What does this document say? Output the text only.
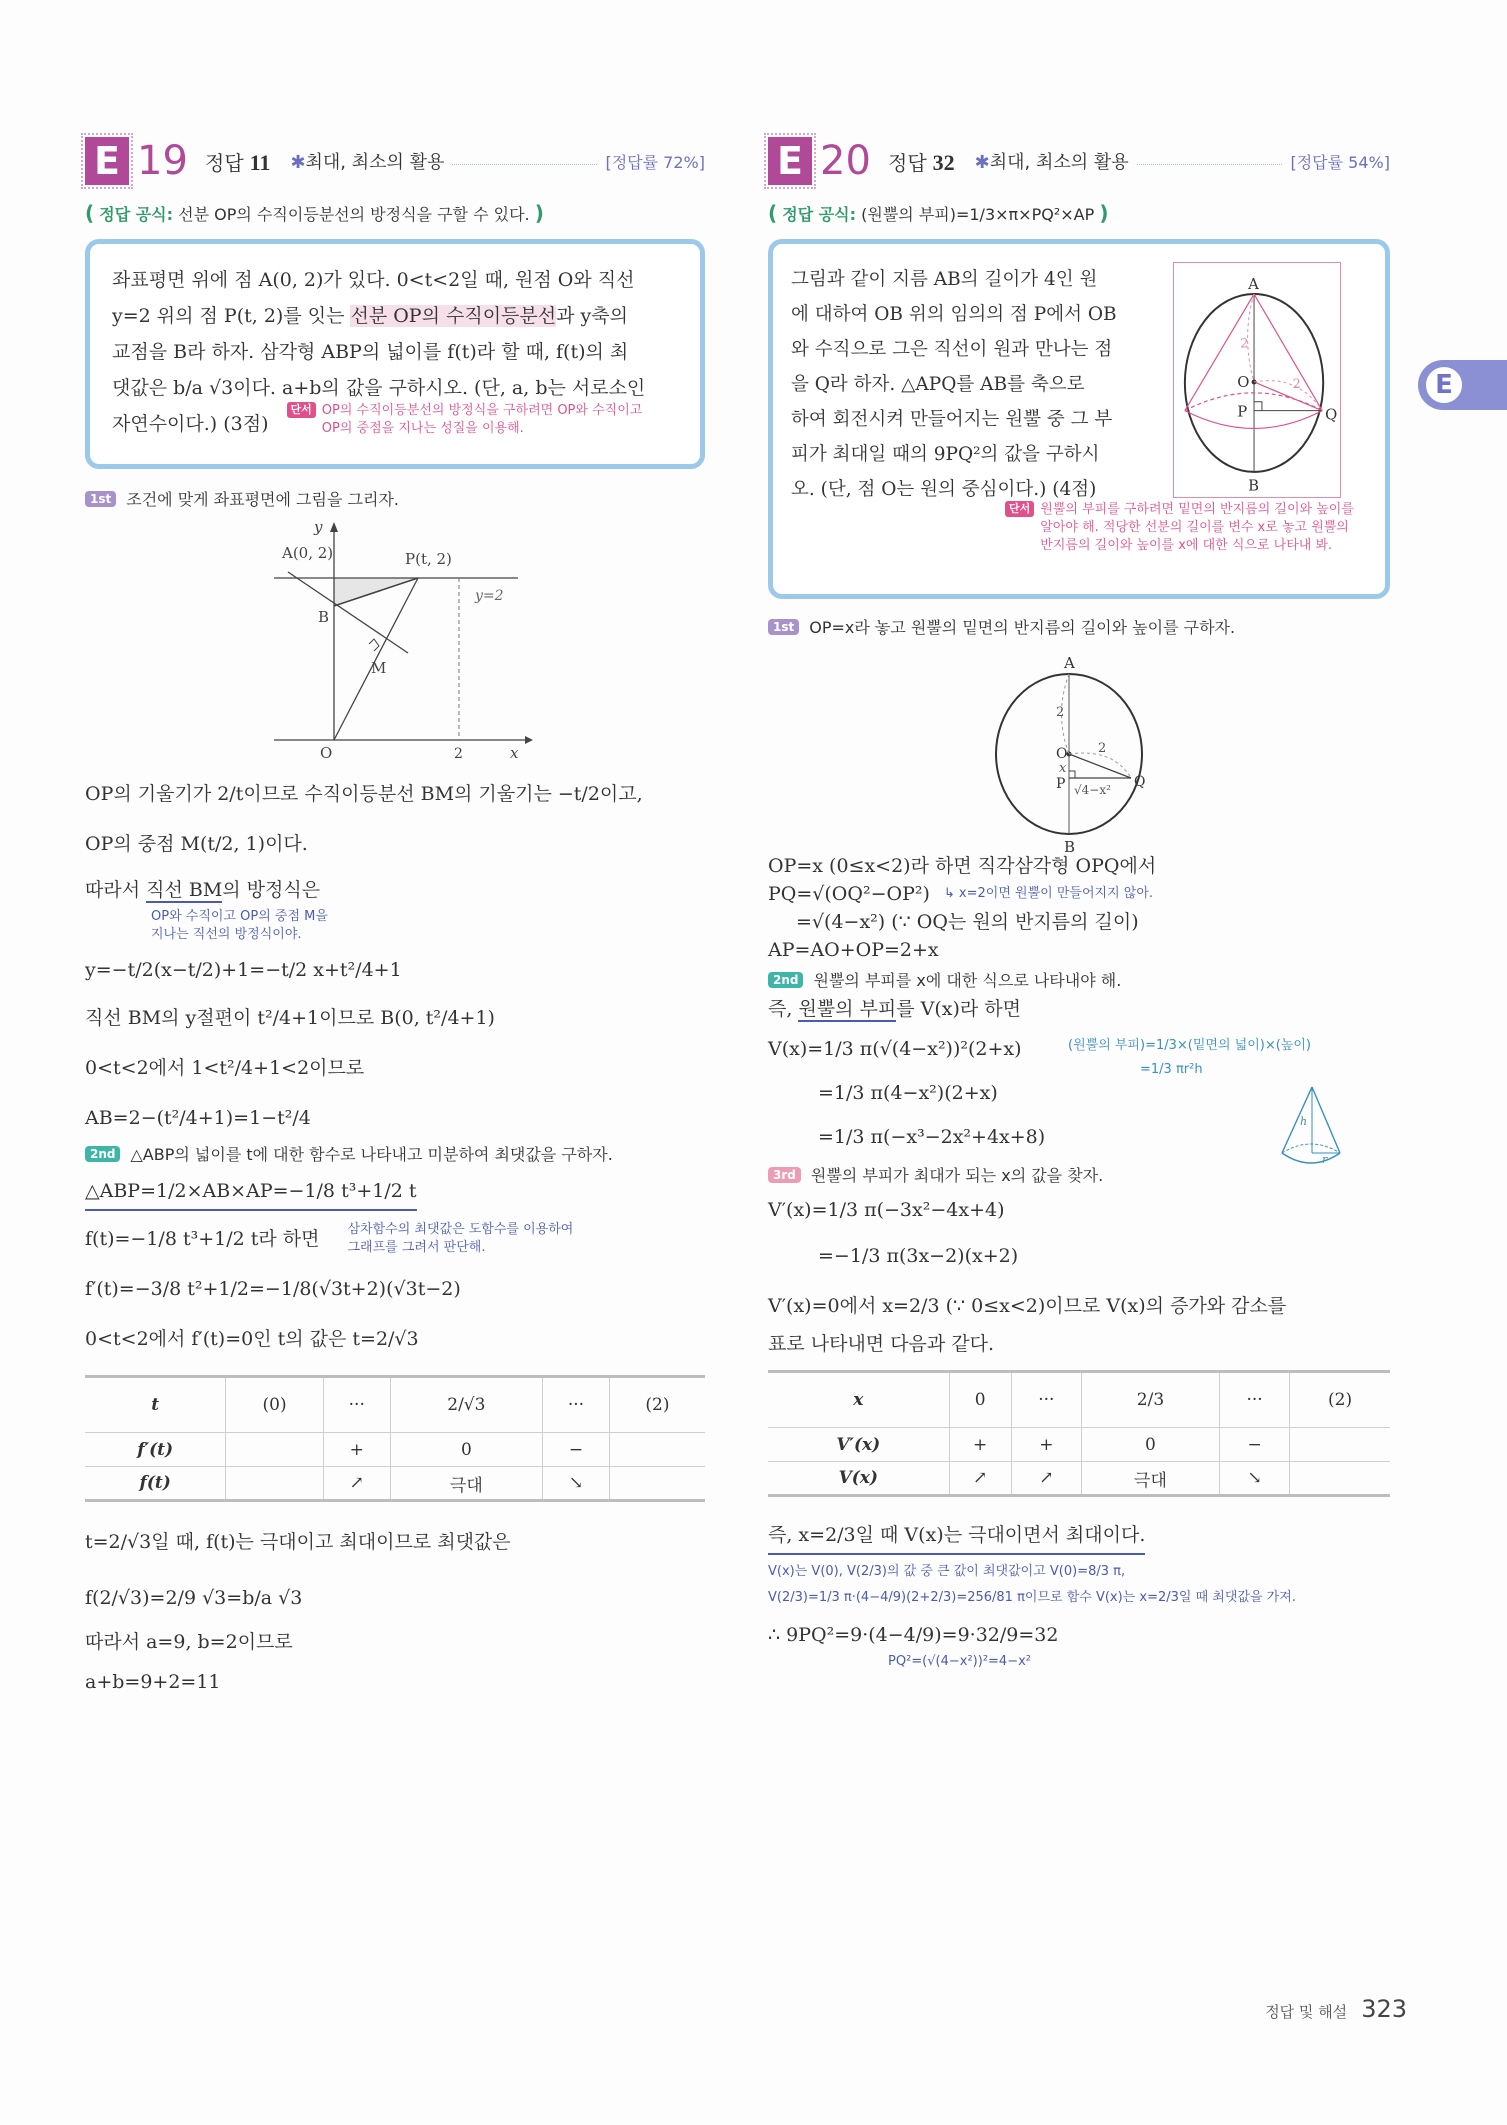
E 19 정답 11 ✱최대, 최소의 활용	[정답률 72%]
( 정답 공식: 선분 OP의 수직이등분선의 방정식을 구할 수 있다. )
좌표평면 위에 점 A(0, 2)가 있다. 0<t<2일 때, 원점 O와 직선
y=2 위의 점 P(t, 2)를 잇는 선분 OP의 수직이등분선과 y축의
교점을 B라 하자. 삼각형 ABP의 넓이를 f(t)라 할 때, f(t)의 최
댓값은 b/a √3이다. a+b의 값을 구하시오. (단, a, b는 서로소인
자연수이다.) (3점)
단서 OP의 수직이등분선의 방정식을 구하려면 OP와 수직이고
OP의 중점을 지나는 성질을 이용해.
1st 조건에 맞게 좌표평면에 그림을 그리자.
y
A(0, 2)	P(t, 2)
B
M
y=2
O	2	x
OP의 기울기가 2/t이므로 수직이등분선 BM의 기울기는 −t/2이고,
OP의 중점 M(t/2, 1)이다.
따라서 직선 BM의 방정식은
OP와 수직이고 OP의 중점 M을
지나는 직선의 방정식이야.
y=−t/2(x−t/2)+1=−t/2 x+t²/4+1
직선 BM의 y절편이 t²/4+1이므로 B(0, t²/4+1)
0<t<2에서 1<t²/4+1<2이므로
AB=2−(t²/4+1)=1−t²/4
2nd △ABP의 넓이를 t에 대한 함수로 나타내고 미분하여 최댓값을 구하자.
△ABP=1/2×AB×AP=−1/8 t³+1/2 t
f(t)=−1/8 t³+1/2 t라 하면 삼차함수의 최댓값은 도함수를 이용하여
그래프를 그려서 판단해.
f′(t)=−3/8 t²+1/2=−1/8(√3t+2)(√3t−2)
0<t<2에서 f′(t)=0인 t의 값은 t=2/√3
t	(0)	···	2/√3	···	(2)
f′(t)		+	0	−	
f(t)		↗	극대	↘	
t=2/√3일 때, f(t)는 극대이고 최대이므로 최댓값은
f(2/√3)=2/9 √3=b/a √3
따라서 a=9, b=2이므로
a+b=9+2=11
E 20 정답 32 ✱최대, 최소의 활용	[정답률 54%]
( 정답 공식: (원뿔의 부피)=1/3×π×PQ²×AP )
그림과 같이 지름 AB의 길이가 4인 원
에 대하여 OB 위의 임의의 점 P에서 OB
와 수직으로 그은 직선이 원과 만나는 점
을 Q라 하자. △APQ를 AB를 축으로
하여 회전시켜 만들어지는 원뿔 중 그 부
피가 최대일 때의 9PQ²의 값을 구하시
오. (단, 점 O는 원의 중심이다.) (4점)
A
B
O
P	Q
2
2
단서 원뿔의 부피를 구하려면 밑면의 반지름의 길이와 높이를
알아야 해. 적당한 선분의 길이를 변수 x로 놓고 원뿔의
반지름의 길이와 높이를 x에 대한 식으로 나타내 봐.
1st OP=x라 놓고 원뿔의 밑면의 반지름의 길이와 높이를 구하자.
A
B
O
P	Q
2
2
x
√4−x²
OP=x (0≤x<2)라 하면 직각삼각형 OPQ에서
PQ=√(OQ²−OP²) ↳ x=2이면 원뿔이 만들어지지 않아.
=√(4−x²) (∵ OQ는 원의 반지름의 길이)
AP=AO+OP=2+x
2nd 원뿔의 부피를 x에 대한 식으로 나타내야 해.
즉, 원뿔의 부피를 V(x)라 하면
V(x)=1/3 π(√(4−x²))²(2+x)
=1/3 π(4−x²)(2+x)
=1/3 π(−x³−2x²+4x+8)
(원뿔의 부피)=1/3×(밑면의 넓이)×(높이)
=1/3 πr²h
h
r
3rd 원뿔의 부피가 최대가 되는 x의 값을 찾자.
V′(x)=1/3 π(−3x²−4x+4)
=−1/3 π(3x−2)(x+2)
V′(x)=0에서 x=2/3 (∵ 0≤x<2)이므로 V(x)의 증가와 감소를
표로 나타내면 다음과 같다.
x	0	···	2/3	···	(2)
V′(x)	+	+	0	−	
V(x)	↗	↗	극대	↘	
즉, x=2/3일 때 V(x)는 극대이면서 최대이다.
V(x)는 V(0), V(2/3)의 값 중 큰 값이 최댓값이고 V(0)=8/3 π,
V(2/3)=1/3 π·(4−4/9)(2+2/3)=256/81 π이므로 함수 V(x)는 x=2/3일 때 최댓값을 가져.
∴ 9PQ²=9·(4−4/9)=9·32/9=32
PQ²=(√(4−x²))²=4−x²
E
정답 및 해설 323
